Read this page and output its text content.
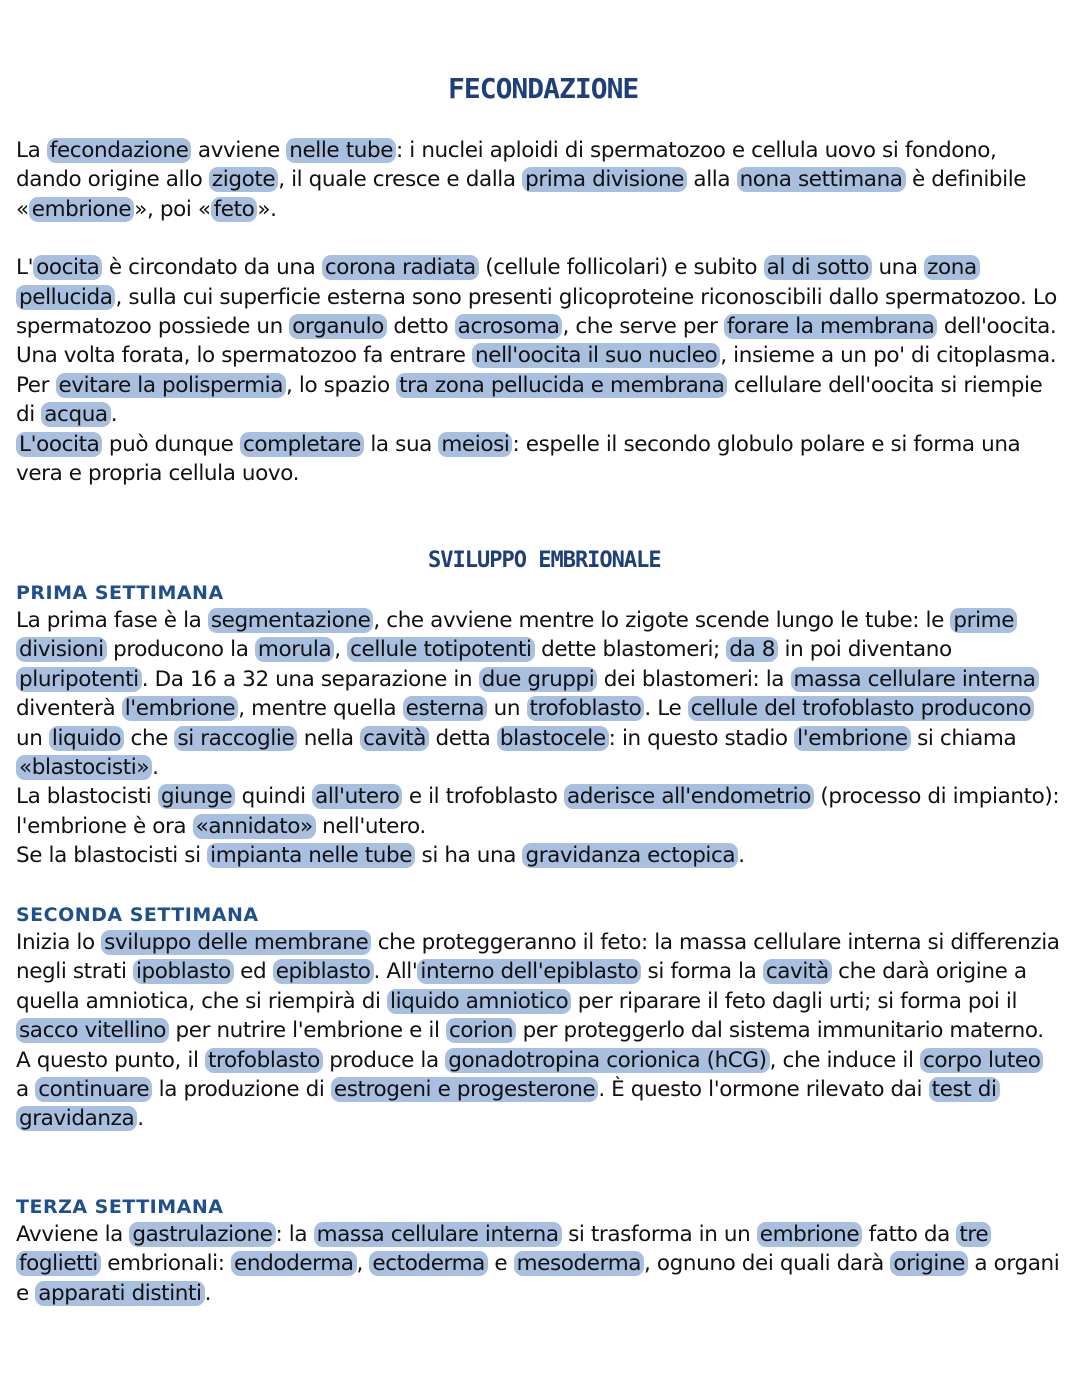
FECONDAZIONE

La fecondazione avviene nelle tube : i nuclei aploidi di spermatozoo e cellula uovo si fondono, dando origine allo zigote , il quale cresce e dalla prima divisione alla nona settimana è definibile « embrione », poi « feto ».

L' oocita è circondato da una corona radiata (cellule follicolari) e subito al di sotto una zona pellucida , sulla cui superficie esterna sono presenti glicoproteine riconoscibili dallo spermatozoo. Lo spermatozoo possiede un organulo detto acrosoma , che serve per forare la membrana dell'oocita.
Una volta forata, lo spermatozoo fa entrare nell'oocita il suo nucleo , insieme a un po' di citoplasma. Per evitare la polispermia , lo spazio tra zona pellucida e membrana cellulare dell'oocita si riempie di acqua .
L'oocita può dunque completare la sua meiosi : espelle il secondo globulo polare e si forma una vera e propria cellula uovo.

SVILUPPO EMBRIONALE
PRIMA SETTIMANA

La prima fase è la segmentazione , che avviene mentre lo zigote scende lungo le tube: le prime divisioni producono la morula , cellule totipotenti dette blastomeri; da 8 in poi diventano pluripotenti . Da 16 a 32 una separazione in due gruppi dei blastomeri: la massa cellulare interna diventerà l'embrione , mentre quella esterna un trofoblasto . Le cellule del trofoblasto producono un liquido che si raccoglie nella cavità detta blastocele : in questo stadio l'embrione si chiama «blastocisti» .
La blastocisti giunge quindi all'utero e il trofoblasto aderisce all'endometrio (processo di impianto): l'embrione è ora «annidato» nell'utero.
Se la blastocisti si impianta nelle tube si ha una gravidanza ectopica .

SECONDA SETTIMANA

Inizia lo sviluppo delle membrane che proteggeranno il feto: la massa cellulare interna si differenzia negli strati ipoblasto ed epiblasto . All' interno dell'epiblasto si forma la cavità che darà origine a quella amniotica, che si riempirà di liquido amniotico per riparare il feto dagli urti; si forma poi il sacco vitellino per nutrire l'embrione e il corion per proteggerlo dal sistema immunitario materno.
A questo punto, il trofoblasto produce la gonadotropina corionica (hCG) , che induce il corpo luteo a continuare la produzione di estrogeni e progesterone . È questo l'ormone rilevato dai test di gravidanza .

TERZA SETTIMANA

Avviene la gastrulazione : la massa cellulare interna si trasforma in un embrione fatto da tre foglietti embrionali: endoderma , ectoderma e mesoderma , ognuno dei quali darà origine a organi e apparati distinti .
